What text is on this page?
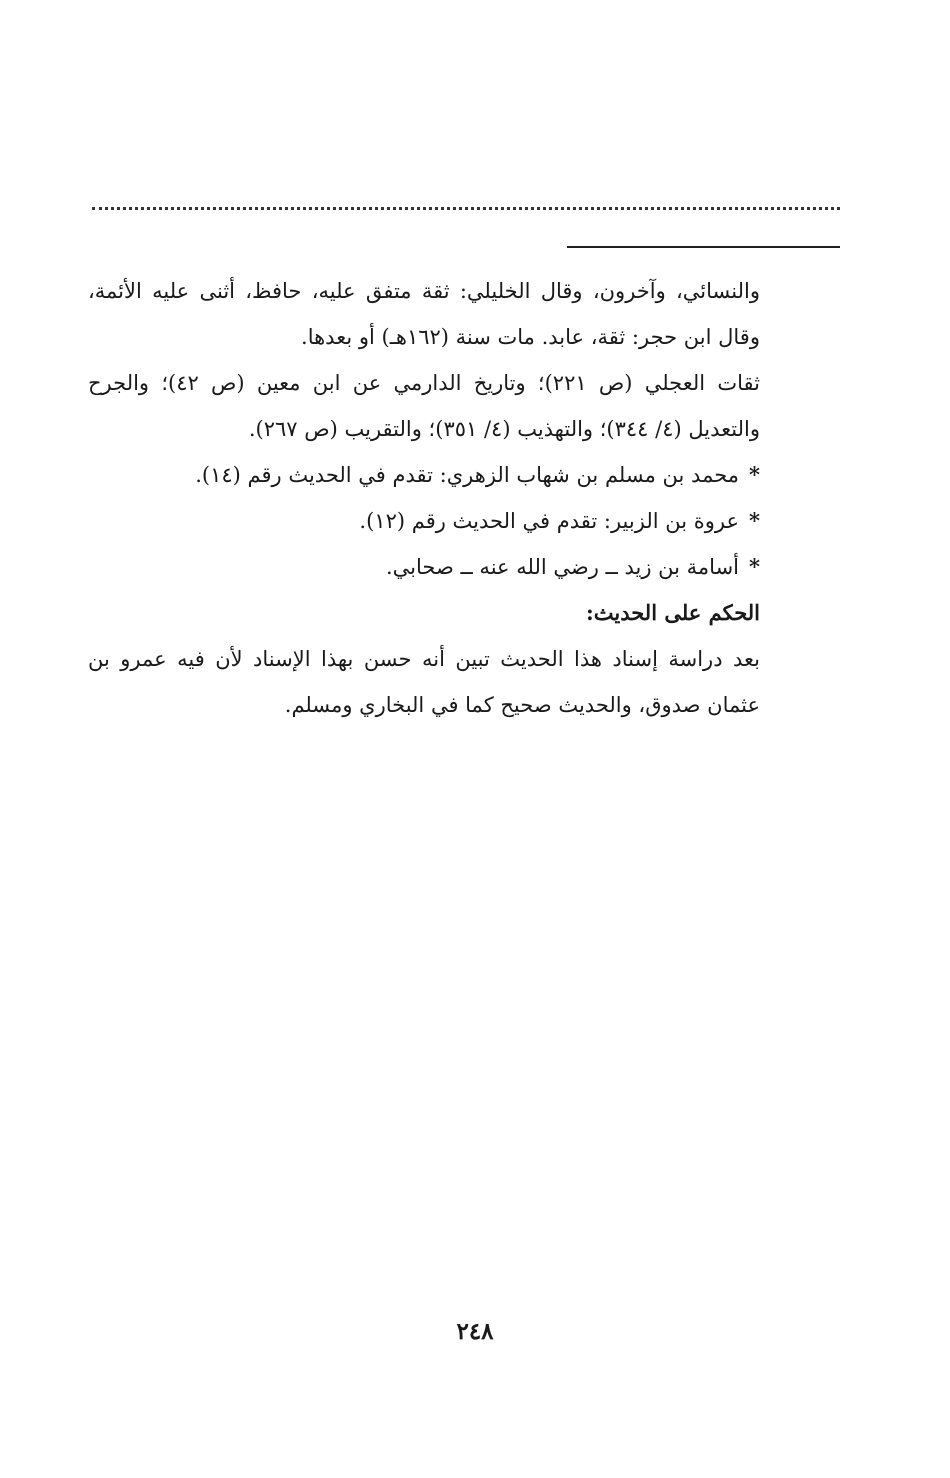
والنسائي، وآخرون، وقال الخليلي: ثقة متفق عليه، حافظ، أثنى عليه الأئمة،
وقال ابن حجر: ثقة، عابد. مات سنة (١٦٢هـ) أو بعدها.
ثقات العجلي (ص ٢٢١)؛ وتاريخ الدارمي عن ابن معين (ص ٤٢)؛ والجرح
والتعديل (٤/ ٣٤٤)؛ والتهذيب (٤/ ٣٥١)؛ والتقريب (ص ٢٦٧).
*محمد بن مسلم بن شهاب الزهري: تقدم في الحديث رقم (١٤).
*عروة بن الزبير: تقدم في الحديث رقم (١٢).
*أسامة بن زيد ــ رضي الله عنه ــ صحابي.
الحكم على الحديث:
بعد دراسة إسناد هذا الحديث تبين أنه حسن بهذا الإسناد لأن فيه عمرو بن
عثمان صدوق، والحديث صحيح كما في البخاري ومسلم.
٢٤٨
